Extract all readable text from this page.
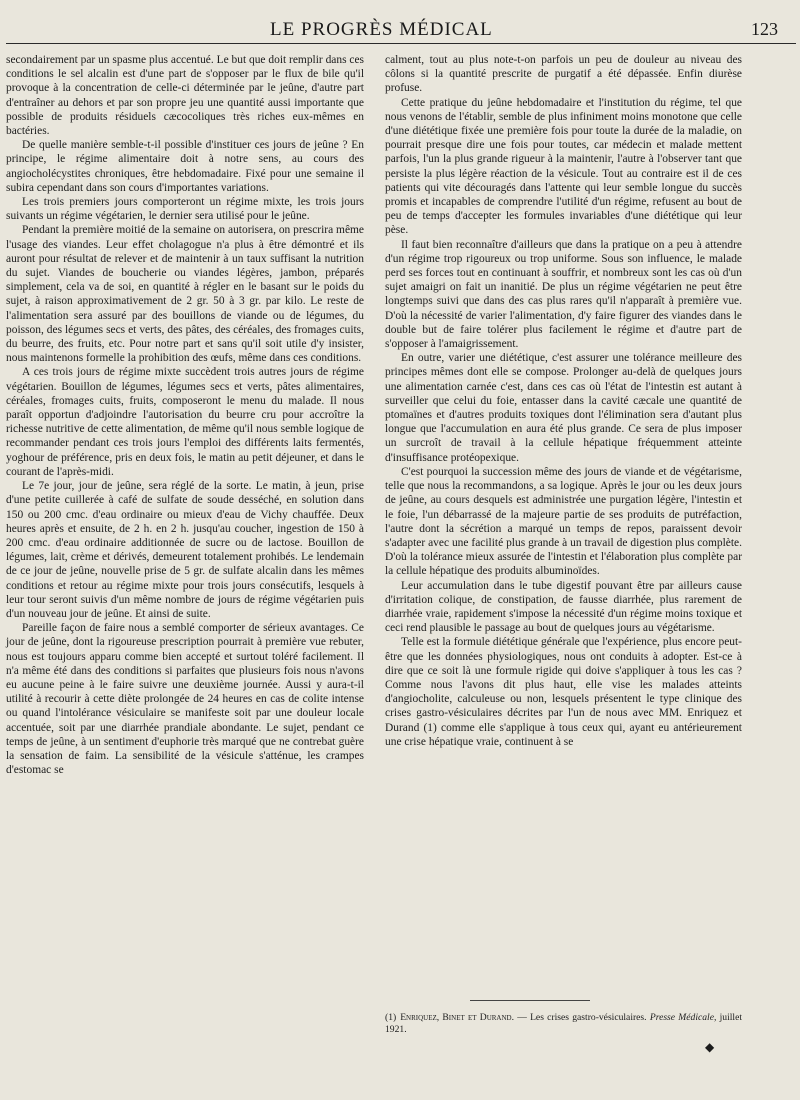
LE PROGRÈS MÉDICAL	123

secondairement par un spasme plus accentué. Le but que doit remplir dans ces conditions le sel alcalin est d'une part de s'opposer par le flux de bile qu'il provoque à la concentration de celle-ci déterminée par le jeûne, d'autre part d'entraîner au dehors et par son propre jeu une quantité aussi importante que possible de produits résiduels cæcocoliques très riches eux-mêmes en bactéries.

De quelle manière semble-t-il possible d'instituer ces jours de jeûne ? En principe, le régime alimentaire doit à notre sens, au cours des angiocholécystites chroniques, être hebdomadaire. Fixé pour une semaine il subira cependant dans son cours d'importantes variations.

Les trois premiers jours comporteront un régime mixte, les trois jours suivants un régime végétarien, le dernier sera utilisé pour le jeûne.

Pendant la première moitié de la semaine on autorisera, on prescrira même l'usage des viandes. Leur effet cholagogue n'a plus à être démontré et ils auront pour résultat de relever et de maintenir à un taux suffisant la nutrition du sujet. Viandes de boucherie ou viandes légères, jambon, préparés simplement, cela va de soi, en quantité à régler en le basant sur le poids du sujet, à raison approximativement de 2 gr. 50 à 3 gr. par kilo. Le reste de l'alimentation sera assuré par des bouillons de viande ou de légumes, du poisson, des légumes secs et verts, des pâtes, des céréales, des fromages cuits, du beurre, des fruits, etc. Pour notre part et sans qu'il soit utile d'y insister, nous maintenons formelle la prohibition des œufs, même dans ces conditions.

A ces trois jours de régime mixte succèdent trois autres jours de régime végétarien. Bouillon de légumes, légumes secs et verts, pâtes alimentaires, céréales, fromages cuits, fruits, composeront le menu du malade. Il nous paraît opportun d'adjoindre l'autorisation du beurre cru pour accroître la richesse nutritive de cette alimentation, de même qu'il nous semble logique de recommander pendant ces trois jours l'emploi des différents laits fermentés, yoghour de préférence, pris en deux fois, le matin au petit déjeuner, et dans le courant de l'après-midi.

Le 7e jour, jour de jeûne, sera réglé de la sorte. Le matin, à jeun, prise d'une petite cuillerée à café de sulfate de soude desséché, en solution dans 150 ou 200 cmc. d'eau ordinaire ou mieux d'eau de Vichy chauffée. Deux heures après et ensuite, de 2 h. en 2 h. jusqu'au coucher, ingestion de 150 à 200 cmc. d'eau ordinaire additionnée de sucre ou de lactose. Bouillon de légumes, lait, crème et dérivés, demeurent totalement prohibés. Le lendemain de ce jour de jeûne, nouvelle prise de 5 gr. de sulfate alcalin dans les mêmes conditions et retour au régime mixte pour trois jours consécutifs, lesquels à leur tour seront suivis d'un même nombre de jours de régime végétarien puis d'un nouveau jour de jeûne. Et ainsi de suite.

Pareille façon de faire nous a semblé comporter de sérieux avantages. Ce jour de jeûne, dont la rigoureuse prescription pourrait à première vue rebuter, nous est toujours apparu comme bien accepté et surtout toléré facilement. Il n'a même été dans des conditions si parfaites que plusieurs fois nous n'avons eu aucune peine à le faire suivre une deuxième journée. Aussi y aura-t-il utilité à recourir à cette diète prolongée de 24 heures en cas de colite intense ou quand l'intolérance vésiculaire se manifeste soit par une douleur locale accentuée, soit par une diarrhée prandiale abondante. Le sujet, pendant ce temps de jeûne, à un sentiment d'euphorie très marqué que ne contrebat guère la sensation de faim. La sensibilité de la vésicule s'atténue, les crampes d'estomac se

calment, tout au plus note-t-on parfois un peu de douleur au niveau des côlons si la quantité prescrite de purgatif a été dépassée. Enfin diurèse profuse.

Cette pratique du jeûne hebdomadaire et l'institution du régime, tel que nous venons de l'établir, semble de plus infiniment moins monotone que celle d'une diététique fixée une première fois pour toute la durée de la maladie, on pourrait presque dire une fois pour toutes, car médecin et malade mettent parfois, l'un la plus grande rigueur à la maintenir, l'autre à l'observer tant que persiste la plus légère réaction de la vésicule. Tout au contraire est il de ces patients qui vite découragés dans l'attente qui leur semble longue du succès promis et incapables de comprendre l'utilité d'un régime, refusent au bout de peu de temps d'accepter les formules invariables d'une diététique qui leur pèse.

Il faut bien reconnaître d'ailleurs que dans la pratique on a peu à attendre d'un régime trop rigoureux ou trop uniforme. Sous son influence, le malade perd ses forces tout en continuant à souffrir, et nombreux sont les cas où d'un sujet amaigri on fait un inanitié. De plus un régime végétarien ne peut être longtemps suivi que dans des cas plus rares qu'il n'apparaît à première vue. D'où la nécessité de varier l'alimentation, d'y faire figurer des viandes dans le double but de faire tolérer plus facilement le régime et d'autre part de s'opposer à l'amaigrissement.

En outre, varier une diététique, c'est assurer une tolérance meilleure des principes mêmes dont elle se compose. Prolonger au-delà de quelques jours une alimentation carnée c'est, dans ces cas où l'état de l'intestin est autant à surveiller que celui du foie, entasser dans la cavité cæcale une quantité de ptomaïnes et d'autres produits toxiques dont l'élimination sera d'autant plus longue que l'accumulation en aura été plus grande. Ce sera de plus imposer un surcroît de travail à la cellule hépatique fréquemment atteinte d'insuffisance protéopexique.

C'est pourquoi la succession même des jours de viande et de végétarisme, telle que nous la recommandons, a sa logique. Après le jour ou les deux jours de jeûne, au cours desquels est administrée une purgation légère, l'intestin et le foie, l'un débarrassé de la majeure partie de ses produits de putréfaction, l'autre dont la sécrétion a marqué un temps de repos, paraissent devoir s'adapter avec une facilité plus grande à un travail de digestion plus complète. D'où la tolérance mieux assurée de l'intestin et l'élaboration plus complète par la cellule hépatique des produits albuminoïdes.

Leur accumulation dans le tube digestif pouvant être par ailleurs cause d'irritation colique, de constipation, de fausse diarrhée, plus rarement de diarrhée vraie, rapidement s'impose la nécessité d'un régime moins toxique et ceci rend plausible le passage au bout de quelques jours au végétarisme.

Telle est la formule diététique générale que l'expérience, plus encore peut-être que les données physiologiques, nous ont conduits à adopter. Est-ce à dire que ce soit là une formule rigide qui doive s'appliquer à tous les cas ? Comme nous l'avons dit plus haut, elle vise les malades atteints d'angiocholite, calculeuse ou non, lesquels présentent le type clinique des crises gastro-vésiculaires décrites par l'un de nous avec MM. Enriquez et Durand (1) comme elle s'applique à tous ceux qui, ayant eu antérieurement une crise hépatique vraie, continuent à se

(1) Enriquez, Binet et Durand. — Les crises gastro-vésiculaires. Presse Médicale, juillet 1921.
◆
